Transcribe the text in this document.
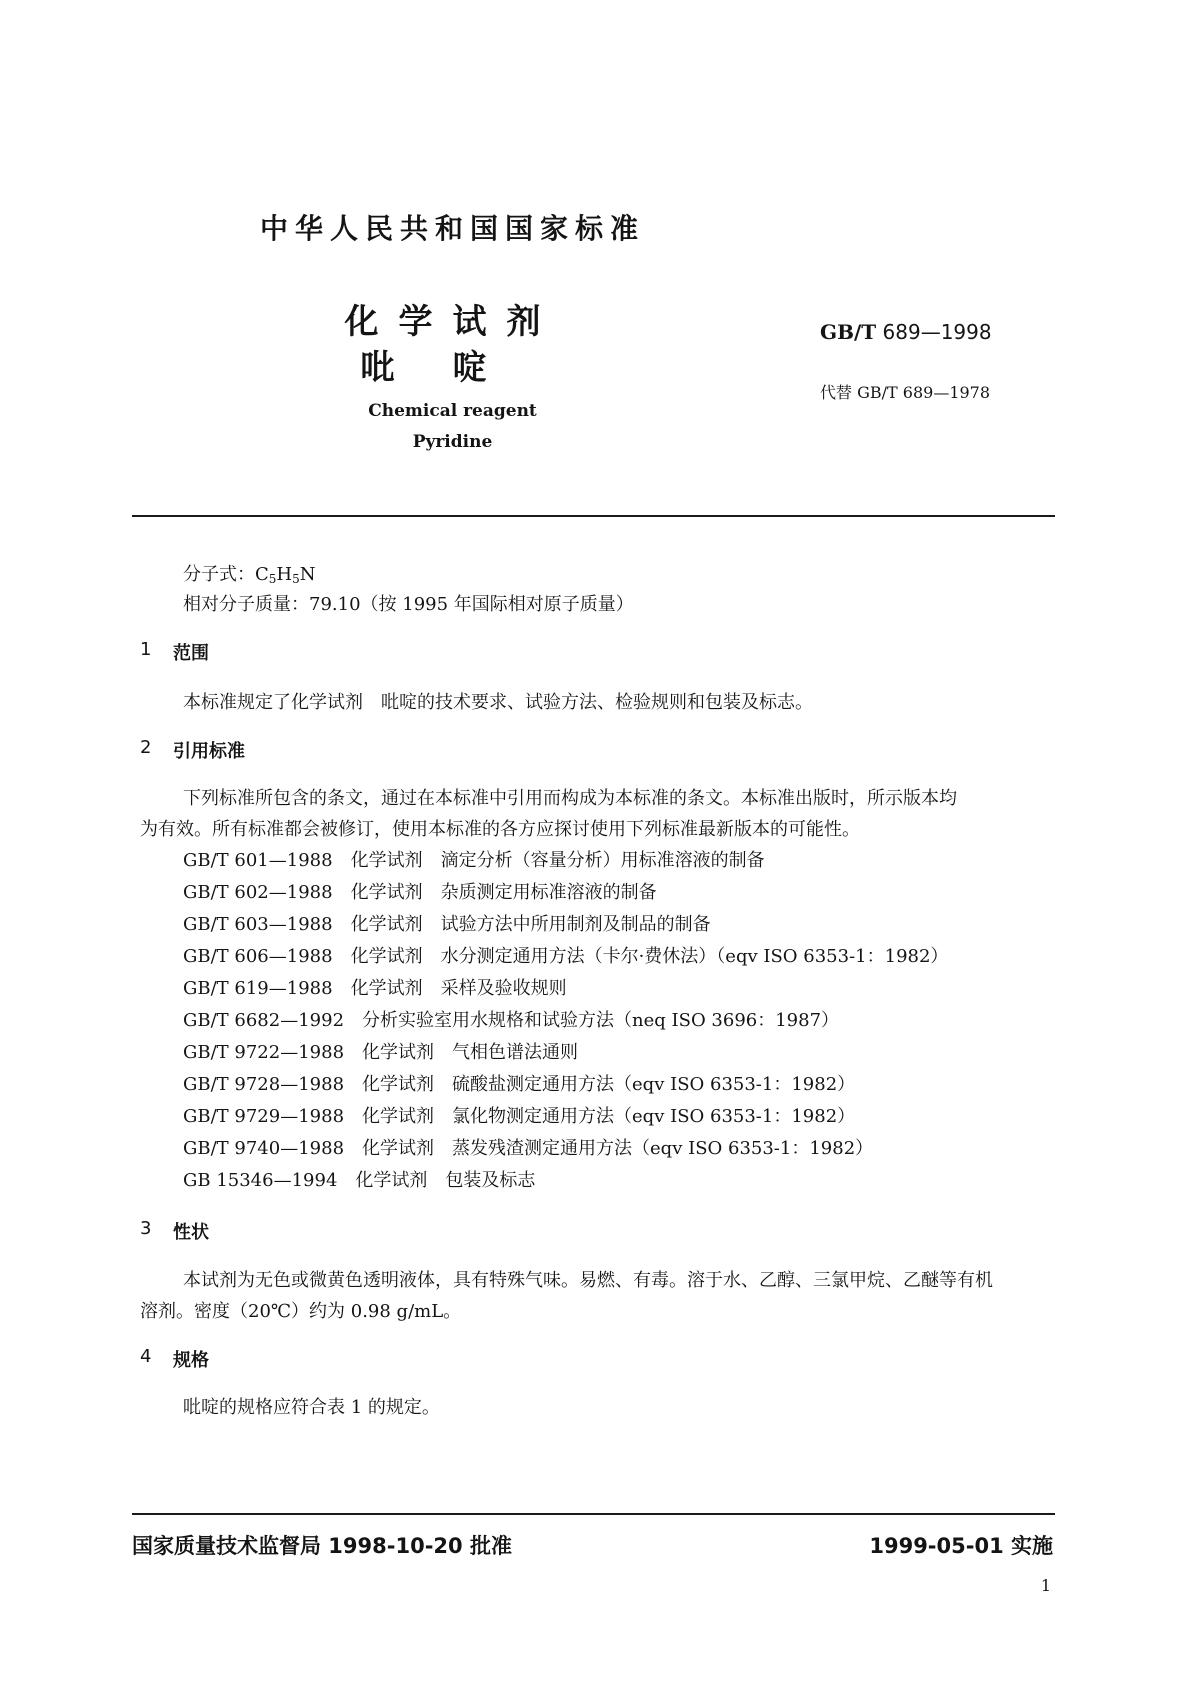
中华人民共和国国家标准
化学试剂
吡啶
GB/T 689—1998
代替 GB/T 689—1978
Chemical reagent
Pyridine
分子式：$C_5H_5N$
相对分子质量：79.10（按 1995 年国际相对原子质量）
1 范围
本标准规定了化学试剂　吡啶的技术要求、试验方法、检验规则和包装及标志。
2 引用标准
下列标准所包含的条文，通过在本标准中引用而构成为本标准的条文。本标准出版时，所示版本均
为有效。所有标准都会被修订，使用本标准的各方应探讨使用下列标准最新版本的可能性。
GB/T 601—1988　 化学试剂　滴定分析（容量分析）用标准溶液的制备
GB/T 602—1988　 化学试剂　杂质测定用标准溶液的制备
GB/T 603—1988　 化学试剂　试验方法中所用制剂及制品的制备
GB/T 606—1988　 化学试剂　水分测定通用方法（卡尔·费休法）（eqv ISO 6353-1：1982）
GB/T 619—1988　 化学试剂　采样及验收规则
GB/T 6682—1992　 分析实验室用水规格和试验方法（neq ISO 3696：1987）
GB/T 9722—1988　 化学试剂　气相色谱法通则
GB/T 9728—1988　 化学试剂　硫酸盐测定通用方法（eqv ISO 6353-1：1982）
GB/T 9729—1988　 化学试剂　氯化物测定通用方法（eqv ISO 6353-1：1982）
GB/T 9740—1988　 化学试剂　蒸发残渣测定通用方法（eqv ISO 6353-1：1982）
GB 15346—1994　 化学试剂　包装及标志
3 性状
本试剂为无色或微黄色透明液体，具有特殊气味。易燃、有毒。溶于水、乙醇、三氯甲烷、乙醚等有机
溶剂。密度（20℃）约为 0.98 g/mL。
4 规格
吡啶的规格应符合表 1 的规定。
国家质量技术监督局 1998-10-20 批准	1999-05-01 实施
1
